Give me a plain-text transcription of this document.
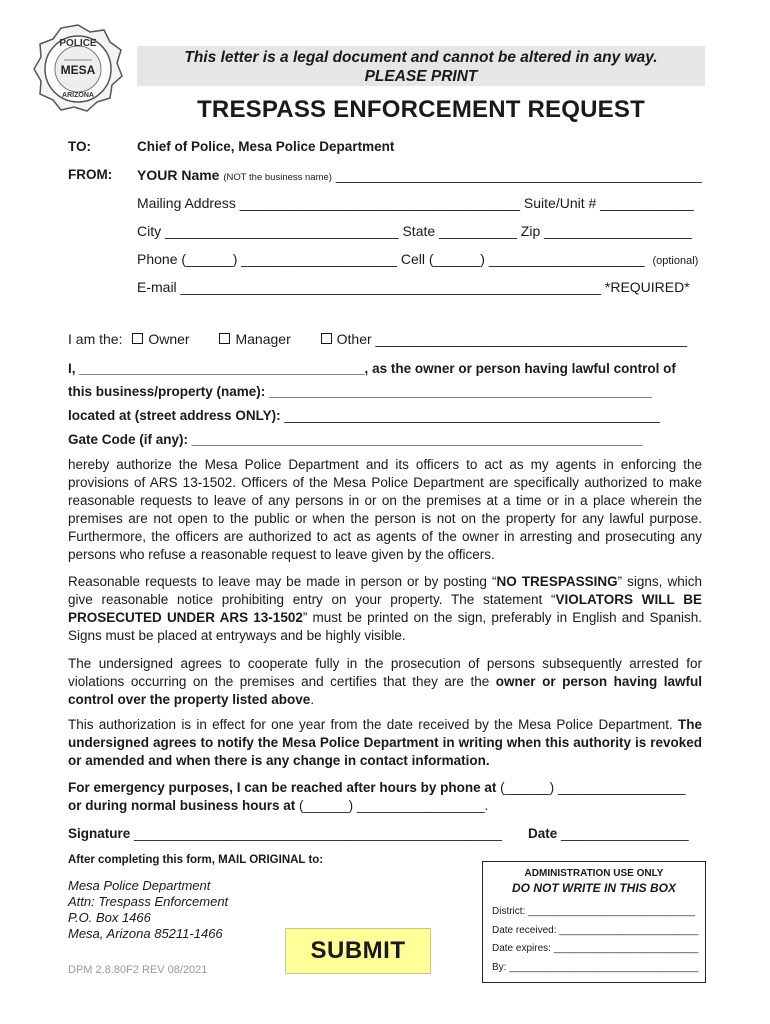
POLICE
MESA
ARIZONA
This letter is a legal document and cannot be altered in any way.
PLEASE PRINT
TRESPASS ENFORCEMENT REQUEST
TO:	Chief of Police, Mesa Police Department
FROM: YOUR Name (NOT the business name) _______________________________________________
Mailing Address ____________________________________ Suite/Unit # ____________
City ______________________________ State __________ Zip ___________________
Phone (______) ____________________ Cell (______) ____________________ (optional)
E-mail ______________________________________________________ *REQUIRED*
I am the: Owner	Manager	Other ________________________________________
I, ______________________________________, as the owner or person having lawful control of
this business/property (name): ___________________________________________________
located at (street address ONLY): __________________________________________________
Gate Code (if any): ____________________________________________________________
hereby authorize the Mesa Police Department and its officers to act as my agents in enforcing the provisions of ARS 13-1502. Officers of the Mesa Police Department are specifically authorized to make reasonable requests to leave of any persons in or on the premises at a time or in a place wherein the premises are not open to the public or when the person is not on the property for any lawful purpose. Furthermore, the officers are authorized to act as agents of the owner in arresting and prosecuting any persons who refuse a reasonable request to leave given by the officers.
Reasonable requests to leave may be made in person or by posting “NO TRESPASSING” signs, which give reasonable notice prohibiting entry on your property. The statement “VIOLATORS WILL BE PROSECUTED UNDER ARS 13-1502” must be printed on the sign, preferably in English and Spanish. Signs must be placed at entryways and be highly visible.
The undersigned agrees to cooperate fully in the prosecution of persons subsequently arrested for violations occurring on the premises and certifies that they are the owner or person having lawful control over the property listed above.
This authorization is in effect for one year from the date received by the Mesa Police Department. The undersigned agrees to notify the Mesa Police Department in writing when this authority is revoked or amended and when there is any change in contact information.
For emergency purposes, I can be reached after hours by phone at (______) _________________
or during normal business hours at (______) _________________.
Signature _________________________________________________ Date _________________
After completing this form, MAIL ORIGINAL to:
Mesa Police Department
Attn: Trespass Enforcement
P.O. Box 1466
Mesa, Arizona 85211-1466
SUBMIT
ADMINISTRATION USE ONLY
DO NOT WRITE IN THIS BOX
District: ______________________________
Date received: _________________________
Date expires: __________________________
By: __________________________________
DPM 2.8.80F2 REV 08/2021
